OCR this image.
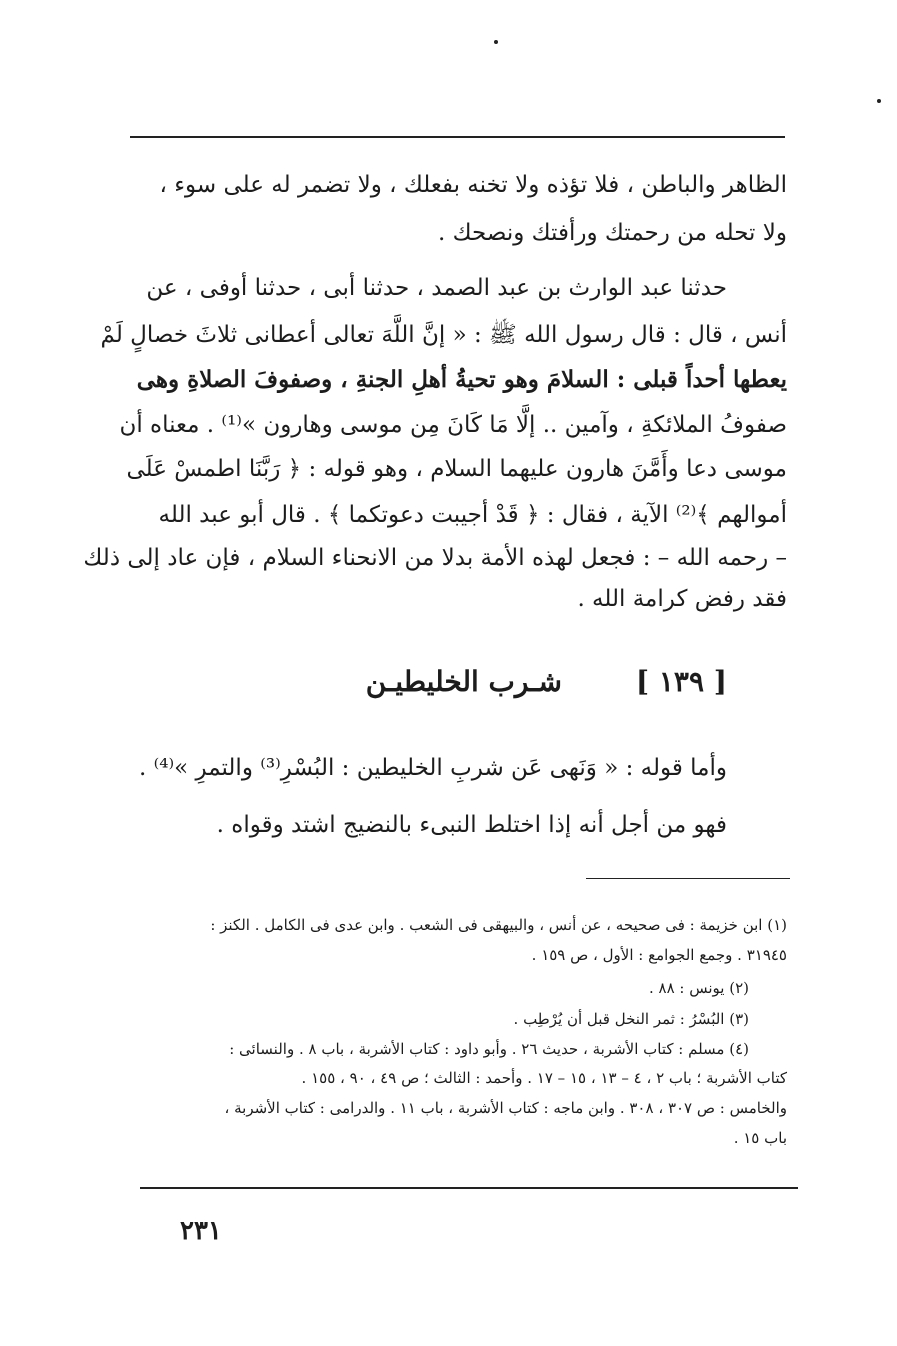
الظاهر والباطن ، فلا تؤذه ولا تخنه بفعلك ، ولا تضمر له على سوء ،
ولا تحله من رحمتك ورأفتك ونصحك .
حدثنا عبد الوارث بن عبد الصمد ، حدثنا أبى ، حدثنا أوفى ، عن
أنس ، قال : قال رسول الله ﷺ : « إنَّ اللَّهَ تعالى أعطانى ثلاثَ خصالٍ لَمْ
يعطها أحداً قبلى : السلامَ وهو تحيةُ أهلِ الجنةِ ، وصفوفَ الصلاةِ وهى
صفوفُ الملائكةِ ، وآمين .. إلَّا مَا كَانَ مِن موسى وهارون »⁽¹⁾ . معناه أن
موسى دعا وأَمَّنَ هارون عليهما السلام ، وهو قوله : ﴿ رَبَّنَا اطمسْ عَلَى
أموالهم ﴾⁽²⁾ الآية ، فقال : ﴿ قَدْ أجيبت دعوتكما ﴾ . قال أبو عبد الله
– رحمه الله – : فجعل لهذه الأمة بدلا من الانحناء السلام ، فإن عاد إلى ذلك
فقد رفض كرامة الله .
[ ١٣٩ ]
شـرب الخليطيـن
وأما قوله : « وَنَهى عَن شربِ الخليطين : البُسْرِ⁽³⁾ والتمرِ »⁽⁴⁾ .
فهو من أجل أنه إذا اختلط النبىء بالنضيج اشتد وقواه .
(١) ابن خزيمة : فى صحيحه ، عن أنس ، والبيهقى فى الشعب . وابن عدى فى الكامل . الكنز :
٣١٩٤٥ . وجمع الجوامع : الأول ، ص ١٥٩ .
(٢) يونس : ٨٨ .
(٣) البُسْرُ : ثمر النخل قبل أن يُرْطِب .
(٤) مسلم : كتاب الأشربة ، حديث ٢٦ . وأبو داود : كتاب الأشربة ، باب ٨ . والنسائى :
كتاب الأشربة ؛ باب ٢ ، ٤ – ١٣ ، ١٥ – ١٧ . وأحمد : الثالث ؛ ص ٤٩ ، ٩٠ ، ١٥٥ .
والخامس : ص ٣٠٧ ، ٣٠٨ . وابن ماجه : كتاب الأشربة ، باب ١١ . والدرامى : كتاب الأشربة ،
باب ١٥ .
٢٣١
